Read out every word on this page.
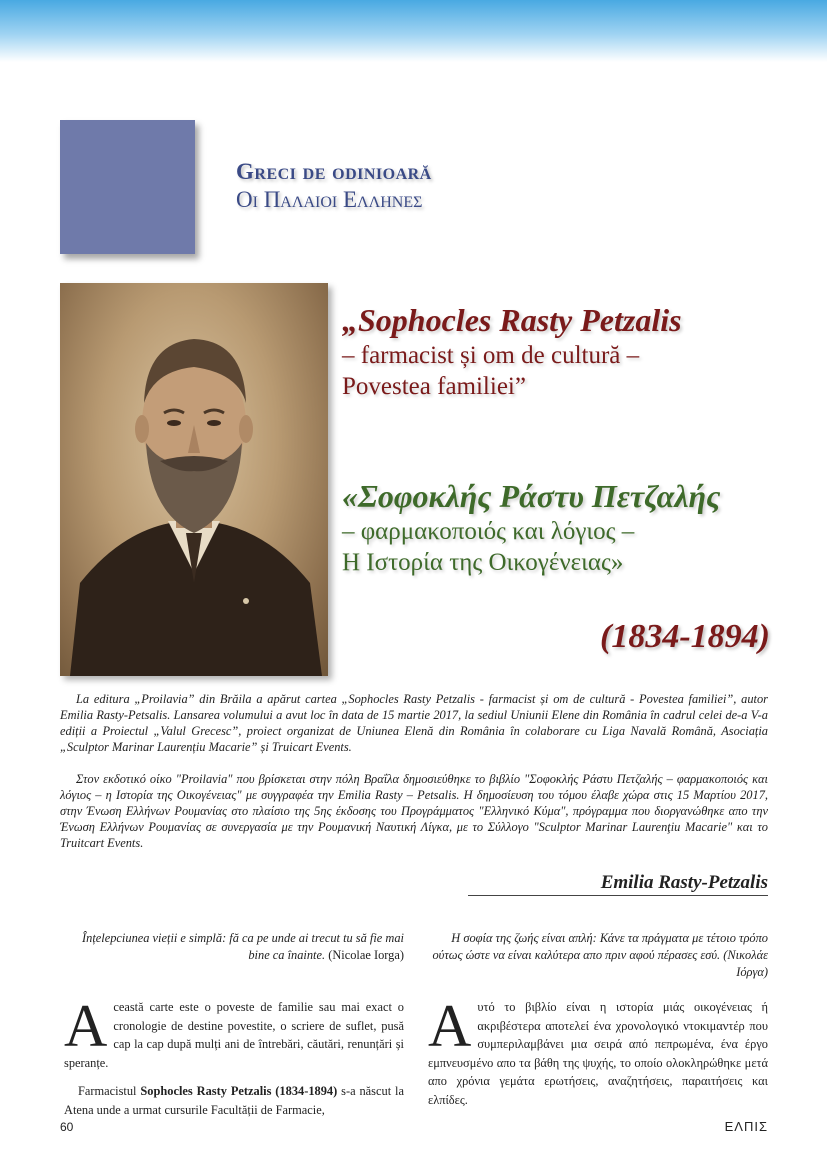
Greci de odinioară
Οι Παλαιοι Ελληνες
„Sophocles Rasty Petzalis
– farmacist și om de cultură –
Povestea familiei”
«Σοφοκλής Ράστυ Πετζαλής
– φαρμακοποιός και λόγιος –
Η Ιστορία της Οικογένειας»
(1834-1894)

La editura „Proilavia” din Brăila a apărut cartea „Sophocles Rasty Petzalis - farmacist și om de cultură - Povestea familiei”, autor Emilia Rasty-Petsalis. Lansarea volumului a avut loc în data de 15 martie 2017, la sediul Uniunii Elene din România în cadrul celei de-a V-a ediții a Proiectul „Valul Grecesc”, proiect organizat de Uniunea Elenă din România în colaborare cu Liga Navală Română, Asociația „Sculptor Marinar Laurențiu Macarie” și Truicart Events.

Στον εκδοτικό οίκο "Proilavia" που βρίσκεται στην πόλη Βραΐλα δημοσιεύθηκε το βιβλίο "Σοφοκλής Ράστυ Πετζαλής – φαρμακοποιός και λόγιος – η Ιστορία της Οικογένειας" με συγγραφέα την Emilia Rasty – Petsalis. Η δημοσίευση του τόμου έλαβε χώρα στις 15 Μαρτίου 2017, στην Ένωση Ελλήνων Ρουμανίας στο πλαίσιο της 5ης έκδοσης του Προγράμματος "Ελληνικό Κύμα", πρόγραμμα που διοργανώθηκε απο την Ένωση Ελλήνων Ρουμανίας σε συνεργασία με την Ρουμανική Ναυτική Λίγκα, με το Σύλλογο "Sculptor Marinar Laurenţiu Macarie" και το Truitcart Events.

Emilia Rasty-Petzalis
Înțelepciunea vieții e simplă: fă ca pe unde ai trecut tu să fie mai bine ca înainte. (Nicolae Iorga)
Η σοφία της ζωής είναι απλή: Κάνε τα πράγματα με τέτοιο τρόπο ούτως ώστε να είναι καλύτερα απο πριν αφού πέρασες εσύ. (Νικολάε Ιόργα)

Această carte este o poveste de familie sau mai exact o cronologie de destine povestite, o scriere de suflet, pusă cap la cap după mulți ani de întrebări, căutări, renunțări și speranțe.

Farmacistul Sophocles Rasty Petzalis (1834-1894) s-a născut la Atena unde a urmat cursurile Facultății de Farmacie,

Αυτό το βιβλίο είναι η ιστορία μιάς οικογένειας ή ακριβέστερα αποτελεί ένα χρονολογικό ντοκιμαντέρ που συμπεριλαμβάνει μια σειρά από πεπρωμένα, ένα έργο εμπνευσμένο απο τα βάθη της ψυχής, το οποίο ολοκληρώθηκε μετά απο χρόνια γεμάτα ερωτήσεις, αναζητήσεις, παραιτήσεις και ελπίδες.

60	ΕΛΠΙΣ
